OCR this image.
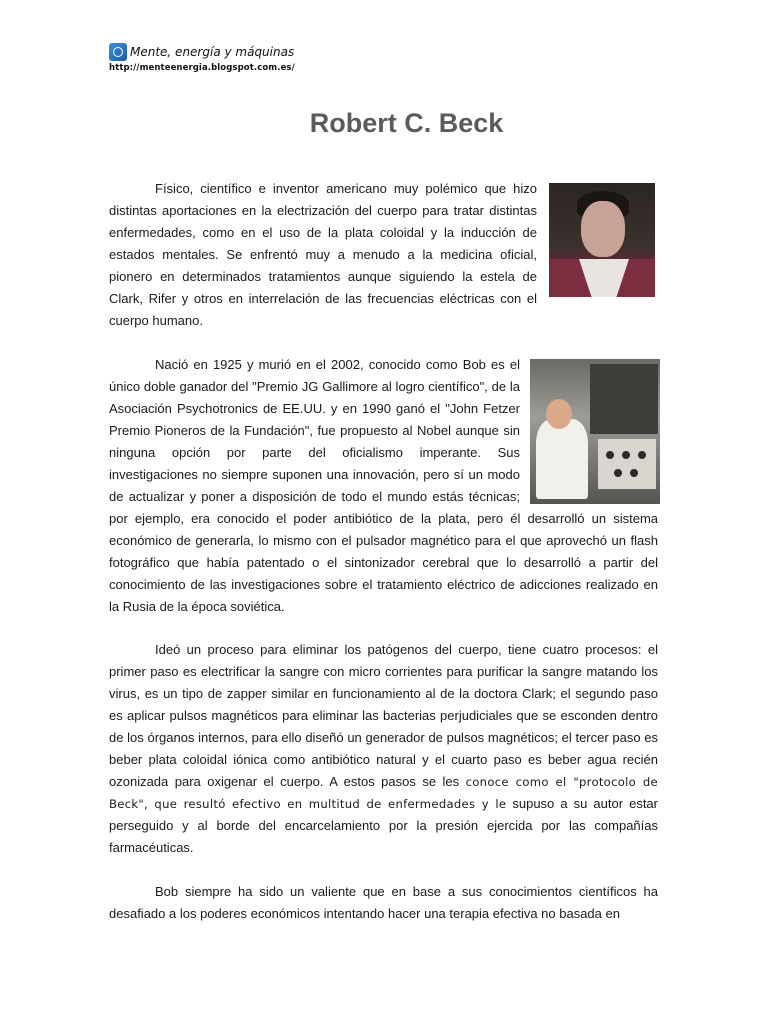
Mente, energía y máquinas
http://menteenergia.blogspot.com.es/
Robert C. Beck

Físico, científico e inventor americano muy polémico que hizo distintas aportaciones en la electrización del cuerpo para tratar distintas enfermedades, como en el uso de la plata coloidal y la inducción de estados mentales. Se enfrentó muy a menudo a la medicina oficial, pionero en determinados tratamientos aunque siguiendo la estela de Clark, Rifer y otros en interrelación de las frecuencias eléctricas con el cuerpo humano.

Nació en 1925 y murió en el 2002, conocido como Bob es el único doble ganador del "Premio JG Gallimore al logro científico", de la Asociación Psychotronics de EE.UU. y en 1990 ganó el "John Fetzer Premio Pioneros de la Fundación", fue propuesto al Nobel aunque sin ninguna opción por parte del oficialismo imperante. Sus investigaciones no siempre suponen una innovación, pero sí un modo de actualizar y poner a disposición de todo el mundo estás técnicas; por ejemplo, era conocido el poder antibiótico de la plata, pero él desarrolló un sistema económico de generarla, lo mismo con el pulsador magnético para el que aprovechó un flash fotográfico que había patentado o el sintonizador cerebral que lo desarrolló a partir del conocimiento de las investigaciones sobre el tratamiento eléctrico de adicciones realizado en la Rusia de la época soviética.

Ideó un proceso para eliminar los patógenos del cuerpo, tiene cuatro procesos: el primer paso es electrificar la sangre con micro corrientes para purificar la sangre matando los virus, es un tipo de zapper similar en funcionamiento al de la doctora Clark; el segundo paso es aplicar pulsos magnéticos para eliminar las bacterias perjudiciales que se esconden dentro de los órganos internos, para ello diseñó un generador de pulsos magnéticos; el tercer paso es beber plata coloidal iónica como antibiótico natural y el cuarto paso es beber agua recién ozonizada para oxigenar el cuerpo. A estos pasos se les conoce como el "protocolo de Beck", que resultó efectivo en multitud de enfermedades y le supuso a su autor estar perseguido y al borde del encarcelamiento por la presión ejercida por las compañías farmacéuticas.

Bob siempre ha sido un valiente que en base a sus conocimientos científicos ha desafiado a los poderes económicos intentando hacer una terapia efectiva no basada en
